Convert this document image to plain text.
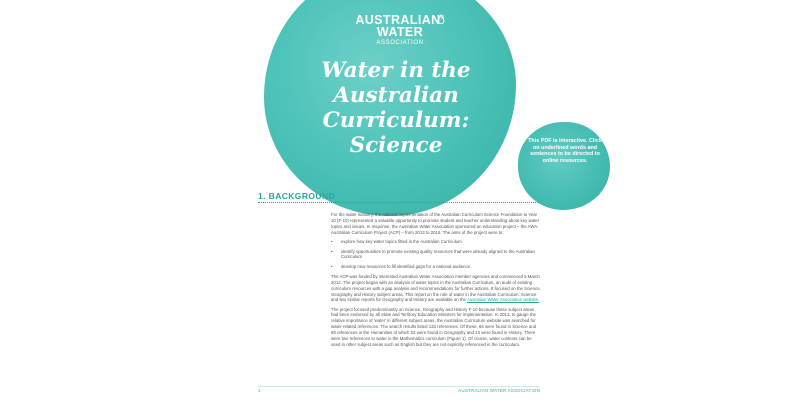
AUSTRALIAN®
WATER
ASSOCIATION
Water in the
Australian
Curriculum:
Science	This PDF is interactive. Click on underlined words and sentences to be directed to online resources.
1. BACKGROUND

For the water industry, the national implementation of the Australian Curriculum Science Foundation to Year 10 (F-10) represented a valuable opportunity to promote student and teacher understanding about key water topics and issues. In response, the Australian Water Association sponsored an education project – the AWA-Australian Curriculum Project (ACP) – from 2013 to 2016. The aims of the project were to:

• explore how key water topics fitted in the Australian Curriculum
• identify opportunities to promote existing quality resources that were already aligned to the Australian Curriculum
• develop new resources to fill identified gaps for a national audience.

The ACP was funded by interested Australian Water Association member agencies and commenced 5 March 2013. The project began with an analysis of water topics in the Australian Curriculum, an audit of existing curriculum resources with a gap analysis and recommendations for further actions. It focused on the Science, Geography and History subject areas. This report on the role of water in the Australian Curriculum: Science and two similar reports for Geography and History are available on the Australian Water Association website.

The project focused predominantly on Science, Geography and History F-10 because these subject areas had been endorsed by all State and Territory Education Ministers for implementation. In 2013, to gauge the relative importance of 'water' in different subject areas, the Australian Curriculum website was searched for water-related references. The search results listed 133 references. Of these, 66 were found in Science and 65 references in the Humanities of which 52 were found in Geography and 13 were found in History. There were two references to water in the Mathematics curriculum (Figure 1). Of course, water contexts can be used in other subject areas such as English but they are not explicitly referenced in the curriculum.

1	AUSTRALIAN WATER ASSOCIATION
